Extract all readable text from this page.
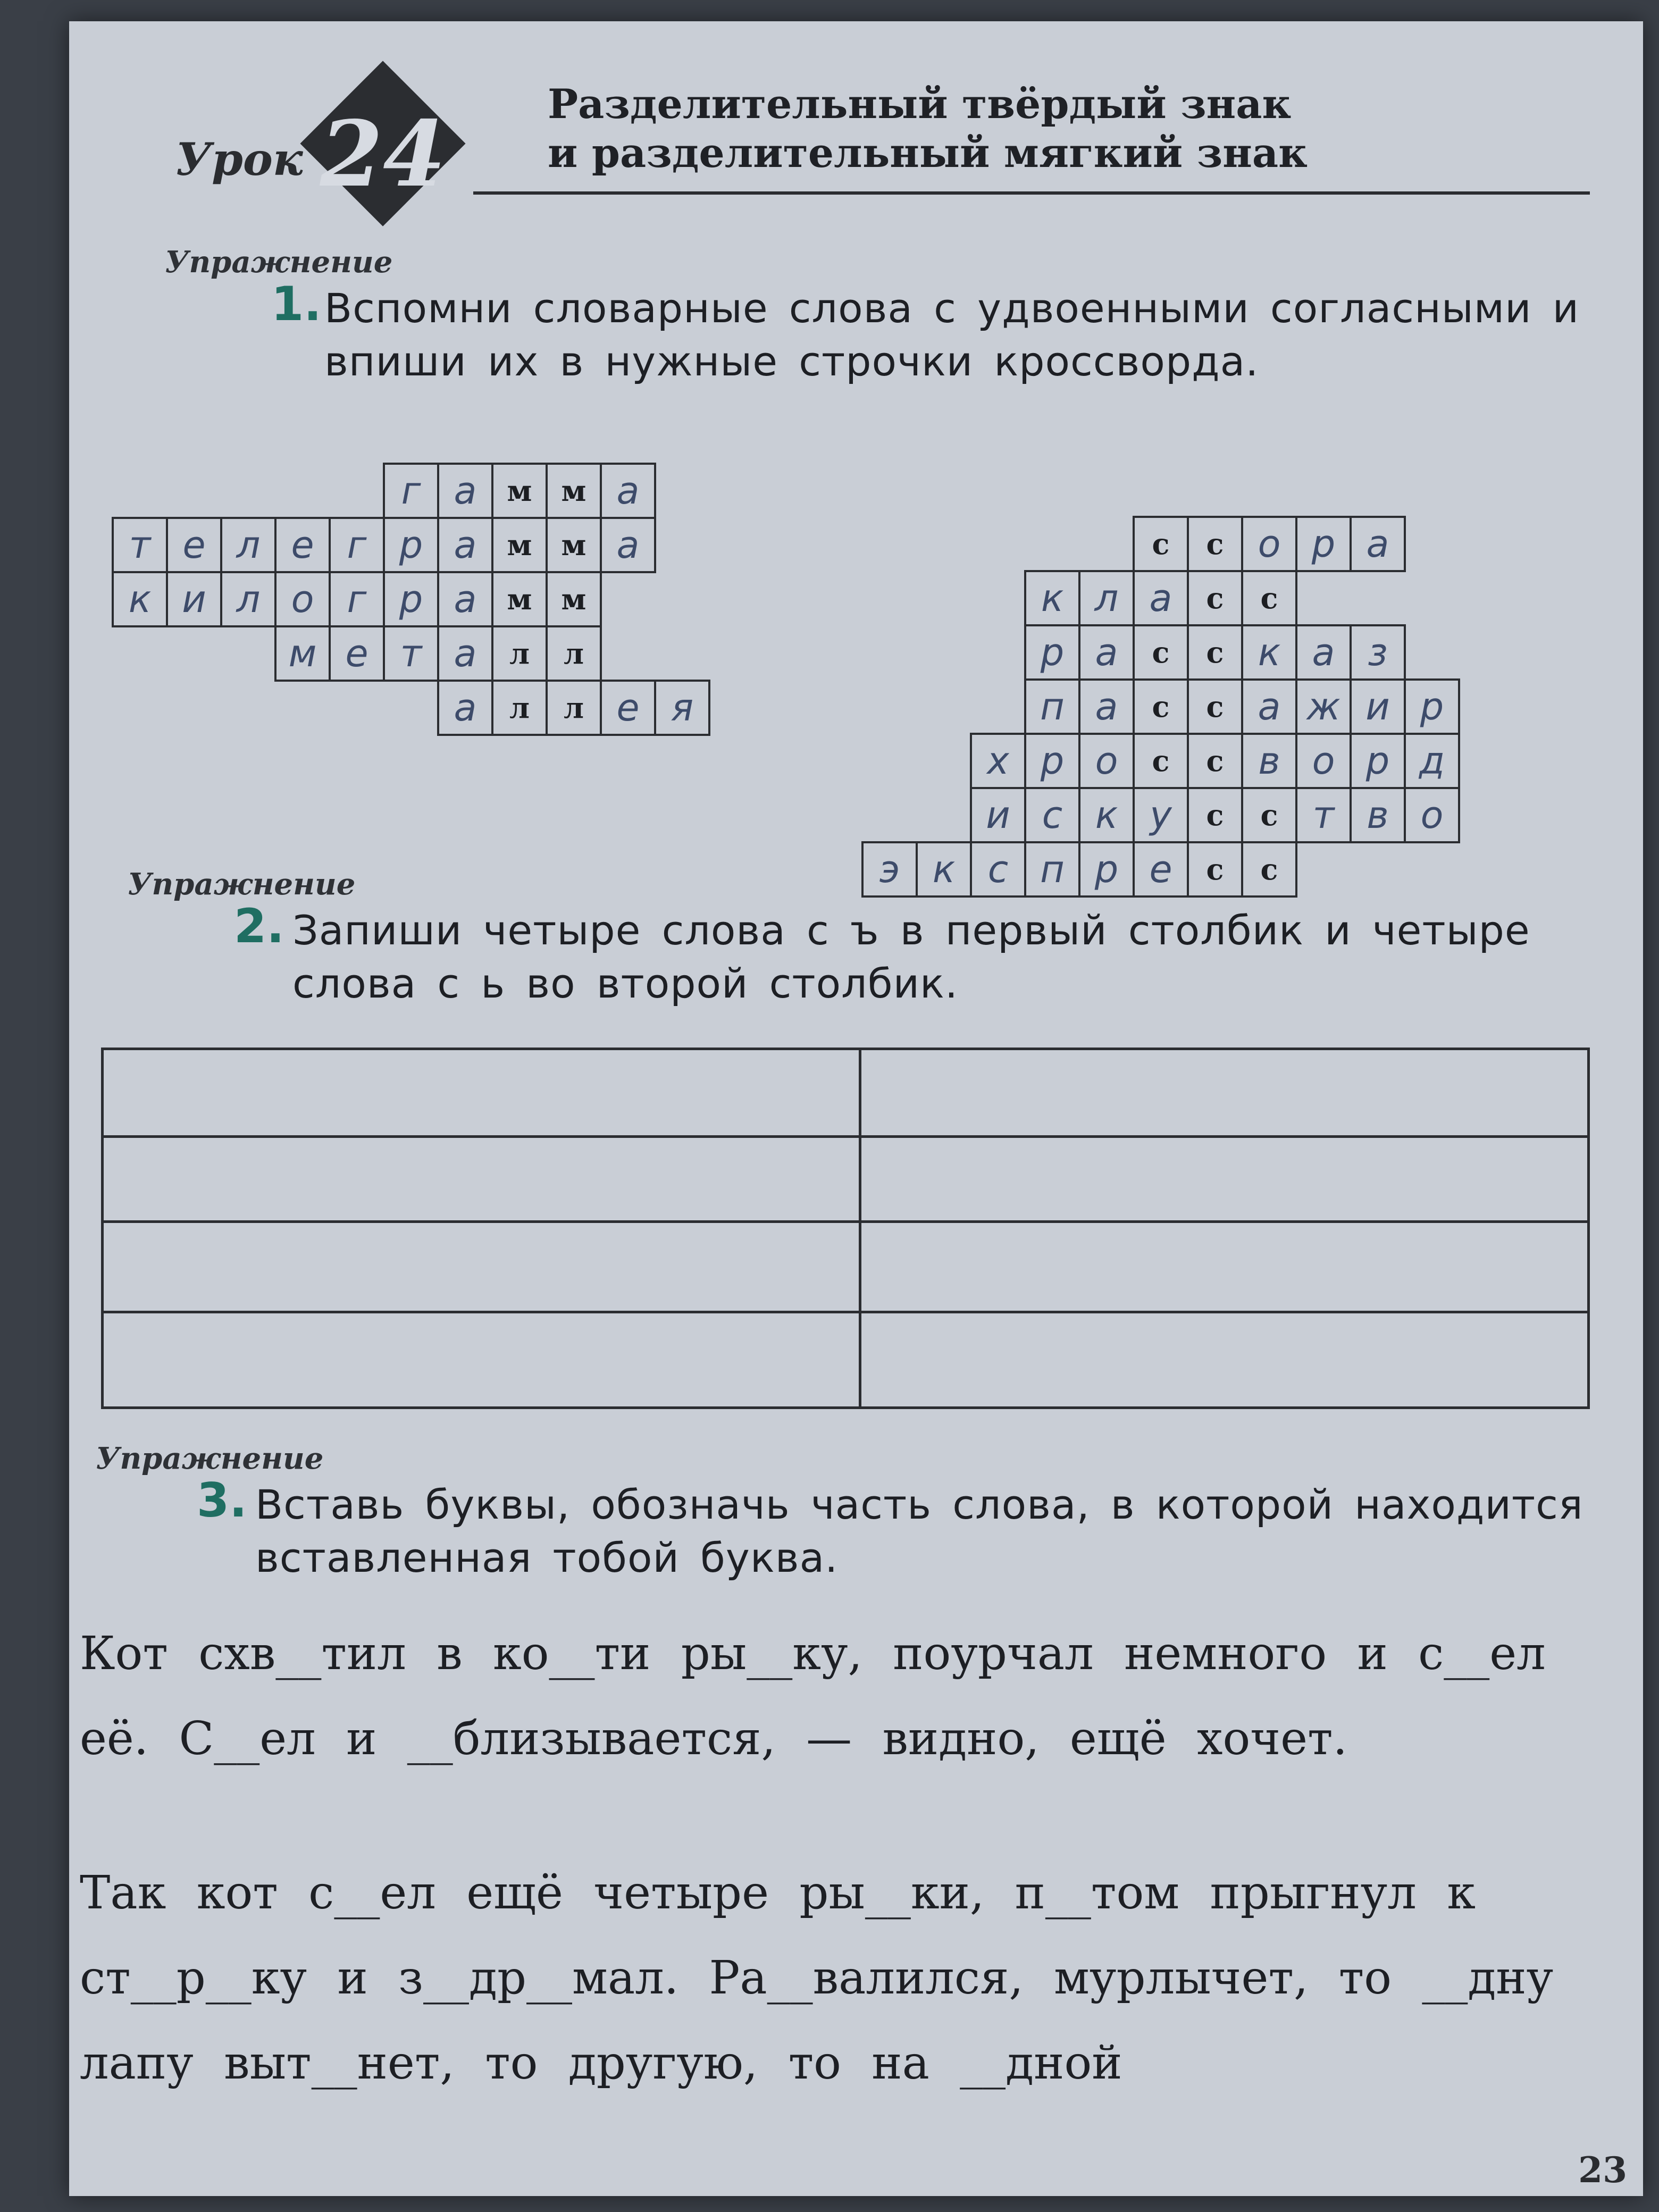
Урок 24	Разделительный твёрдый знак
и разделительный мягкий знак
Упражнение
1. Вспомни словарные слова с удвоенными согласными и впиши их в нужные строчки кроссворда.
г а	м	м а
т е л е г р а	м	м а
к и л о г р а	м	м
м е т а	л	л
а	л	л е я
с	с о р а
к л а	с	с
р а	с	с к а з
п а	с	с а ж и р
х р о	с	с в о р д
и с к у	с	с т в о
э к с п р е	с	с
Упражнение
2. Запиши четыре слова с ъ в первый столбик и четыре слова с ь во второй столбик.
Упражнение
3. Вставь буквы, обозначь часть слова, в которой находится вставленная тобой буква.
Кот схв__тил в ко__ти ры__ку, поурчал немного и с__ел её. С__ел и __близывается, — видно, ещё хочет.
Так кот с__ел ещё четыре ры__ки, п__том прыгнул к ст__р__ку и з__др__мал. Ра__валился, мурлычет, то __дну лапу выт__нет, то другую, то на __дной
23
